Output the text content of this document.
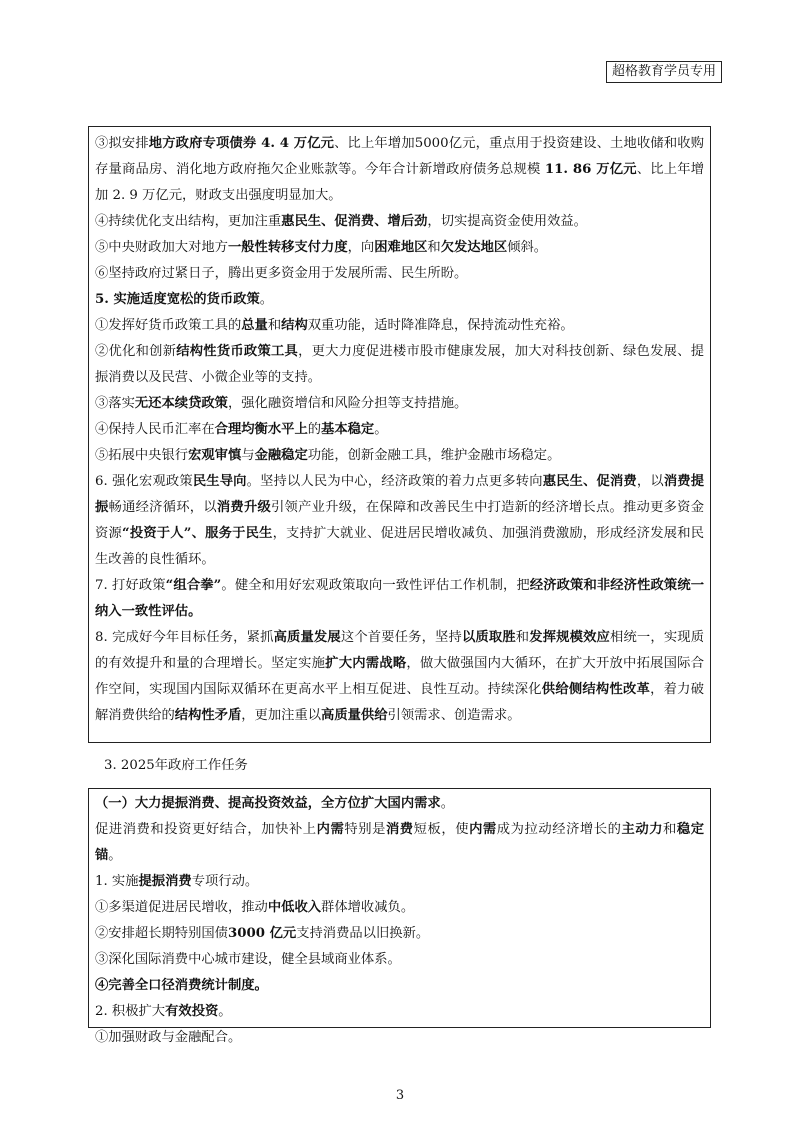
超格教育学员专用

③拟安排地方政府专项债券 4. 4 万亿元、比上年增加5000亿元，重点用于投资建设、土地收储和收购存量商品房、消化地方政府拖欠企业账款等。今年合计新增政府债务总规模 11. 86 万亿元、比上年增加 2. 9 万亿元，财政支出强度明显加大。

④持续优化支出结构，更加注重惠民生、促消费、增后劲，切实提高资金使用效益。

⑤中央财政加大对地方一般性转移支付力度，向困难地区和欠发达地区倾斜。

⑥坚持政府过紧日子，腾出更多资金用于发展所需、民生所盼。

5. 实施适度宽松的货币政策。

①发挥好货币政策工具的总量和结构双重功能，适时降准降息，保持流动性充裕。

②优化和创新结构性货币政策工具，更大力度促进楼市股市健康发展，加大对科技创新、绿色发展、提振消费以及民营、小微企业等的支持。

③落实无还本续贷政策，强化融资增信和风险分担等支持措施。

④保持人民币汇率在合理均衡水平上的基本稳定。

⑤拓展中央银行宏观审慎与金融稳定功能，创新金融工具，维护金融市场稳定。

6. 强化宏观政策民生导向。坚持以人民为中心，经济政策的着力点更多转向惠民生、促消费，以消费提振畅通经济循环，以消费升级引领产业升级，在保障和改善民生中打造新的经济增长点。推动更多资金资源“投资于人”、服务于民生，支持扩大就业、促进居民增收减负、加强消费激励，形成经济发展和民生改善的良性循环。

7. 打好政策“组合拳”。健全和用好宏观政策取向一致性评估工作机制，把经济政策和非经济性政策统一纳入一致性评估。

8. 完成好今年目标任务，紧抓高质量发展这个首要任务，坚持以质取胜和发挥规模效应相统一，实现质的有效提升和量的合理增长。坚定实施扩大内需战略，做大做强国内大循环，在扩大开放中拓展国际合作空间，实现国内国际双循环在更高水平上相互促进、良性互动。持续深化供给侧结构性改革，着力破解消费供给的结构性矛盾，更加注重以高质量供给引领需求、创造需求。

3. 2025年政府工作任务

（一）大力提振消费、提高投资效益，全方位扩大国内需求。

促进消费和投资更好结合，加快补上内需特别是消费短板，使内需成为拉动经济增长的主动力和稳定锚。

1. 实施提振消费专项行动。

①多渠道促进居民增收，推动中低收入群体增收减负。

②安排超长期特别国债3000 亿元支持消费品以旧换新。

③深化国际消费中心城市建设，健全县域商业体系。

④完善全口径消费统计制度。

2. 积极扩大有效投资。

①加强财政与金融配合。

3
